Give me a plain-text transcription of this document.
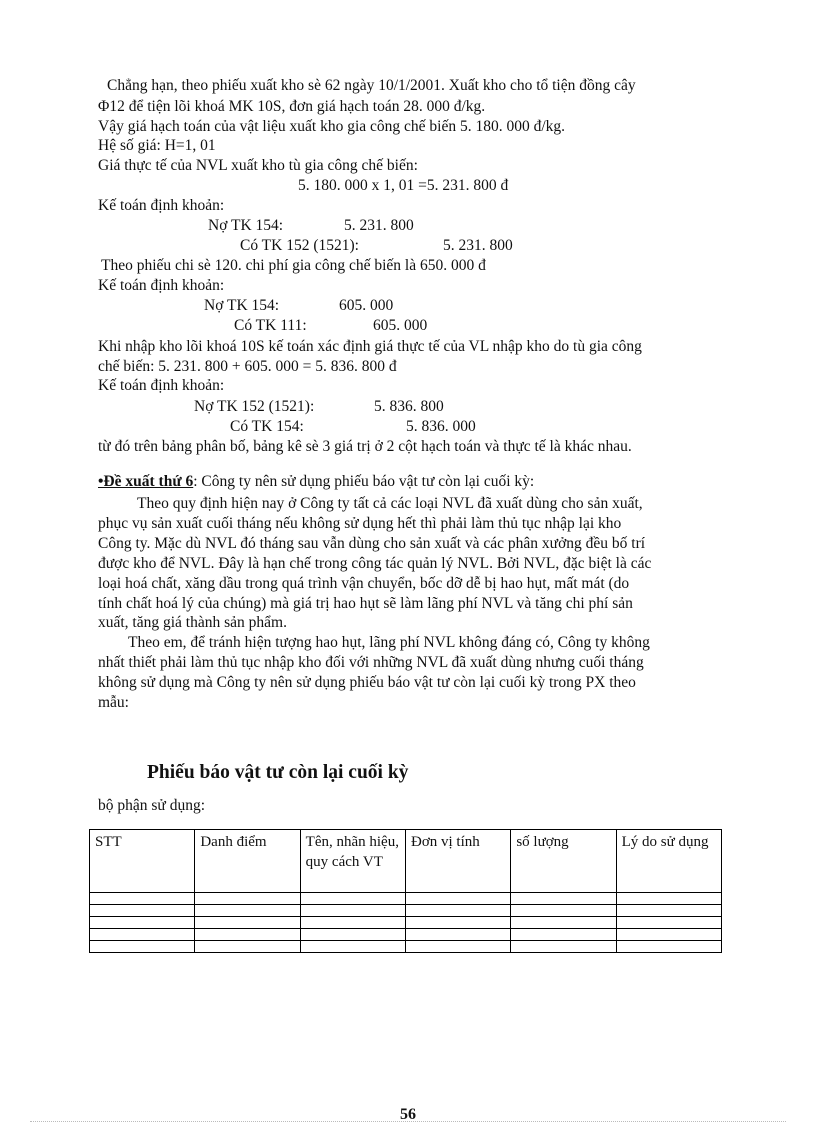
Chẳng hạn, theo phiếu xuất kho sè 62 ngày 10/1/2001. Xuất kho cho tổ tiện đồng cây
Φ12 để tiện lõi khoá MK 10S, đơn giá hạch toán 28. 000 đ/kg.
Vậy giá hạch toán của vật liệu xuất kho gia công chế biến 5. 180. 000 đ/kg.
Hệ số giá: H=1, 01
Giá thực tế của NVL xuất kho tù gia công chế biến:
5. 180. 000 x 1, 01 =5. 231. 800 đ
Kế toán định khoản:
Nợ TK 154:	5. 231. 800
Có TK 152 (1521):	5. 231. 800
Theo phiếu chi sè 120. chi phí gia công chế biến là 650. 000 đ
Kế toán định khoản:
Nợ TK 154:	605. 000
Có TK 111:	605. 000
Khi nhập kho lõi khoá 10S kế toán xác định giá thực tế của VL nhập kho do tù gia công
chế biến: 5. 231. 800 + 605. 000 = 5. 836. 800 đ
Kế toán định khoản:
Nợ TK 152 (1521):	5. 836. 800
Có TK 154:	5. 836. 000
từ đó trên bảng phân bố, bảng kê sè 3 giá trị ở 2 cột hạch toán và thực tế là khác nhau.
•Đề xuất thứ 6: Công ty nên sử dụng phiếu báo vật tư còn lại cuối kỳ:
Theo quy định hiện nay ở Công ty tất cả các loại NVL đã xuất dùng cho sản xuất,
phục vụ sản xuất cuối tháng nếu không sử dụng hết thì phải làm thủ tục nhập lại kho
Công ty. Mặc dù NVL đó tháng sau vẫn dùng cho sản xuất và các phân xưởng đều bố trí
được kho để NVL. Đây là hạn chế trong công tác quản lý NVL. Bởi NVL, đặc biệt là các
loại hoá chất, xăng dầu trong quá trình vận chuyển, bốc dỡ dễ bị hao hụt, mất mát (do
tính chất hoá lý của chúng) mà giá trị hao hụt sẽ làm lãng phí NVL và tăng chi phí sản
xuất, tăng giá thành sản phẩm.
Theo em, để tránh hiện tượng hao hụt, lãng phí NVL không đáng có, Công ty không
nhất thiết phải làm thủ tục nhập kho đối với những NVL đã xuất dùng nhưng cuối tháng
không sử dụng mà Công ty nên sử dụng phiếu báo vật tư còn lại cuối kỳ trong PX theo
mẫu:
Phiếu báo vật tư còn lại cuối kỳ
bộ phận sử dụng:
STT	Danh điểm	Tên, nhãn hiệu, quy cách VT	Đơn vị tính	số lượng	Lý do sử dụng

56
